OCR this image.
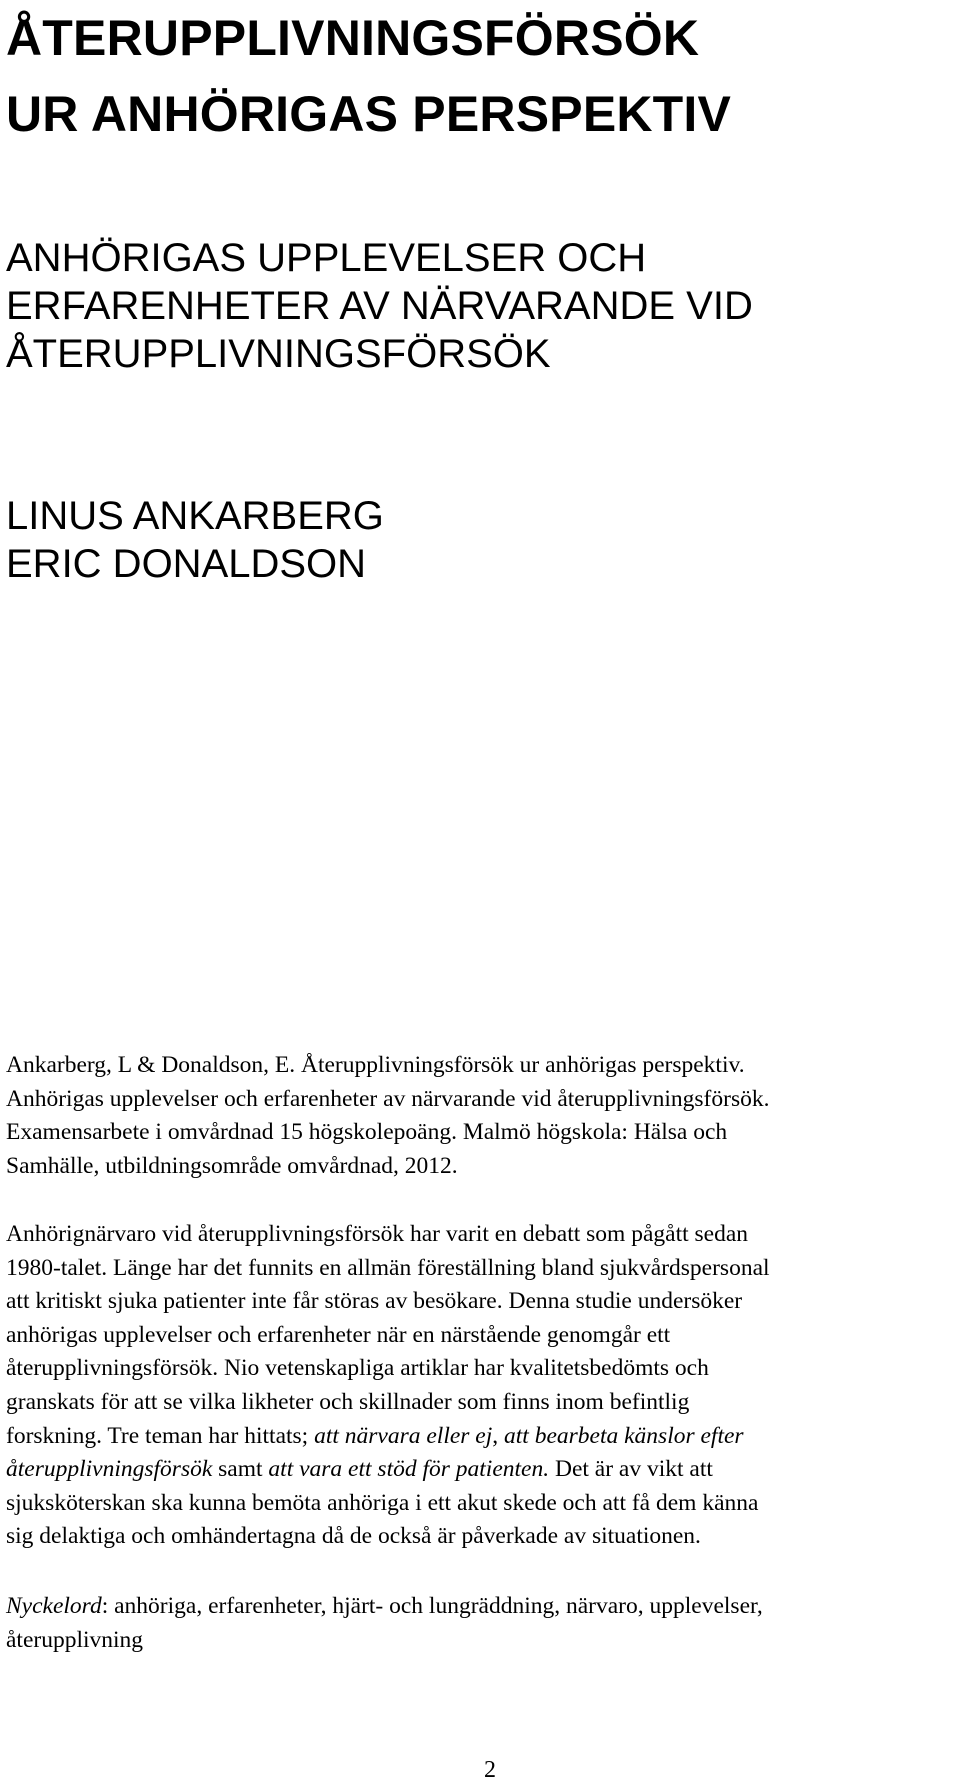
ÅTERUPPLIVNINGSFÖRSÖK
UR ANHÖRIGAS PERSPEKTIV
ANHÖRIGAS UPPLEVELSER OCH
ERFARENHETER AV NÄRVARANDE VID
ÅTERUPPLIVNINGSFÖRSÖK
LINUS ANKARBERG
ERIC DONALDSON
Ankarberg, L & Donaldson, E. Återupplivningsförsök ur anhörigas perspektiv.
Anhörigas upplevelser och erfarenheter av närvarande vid återupplivningsförsök.
Examensarbete i omvårdnad 15 högskolepoäng. Malmö högskola: Hälsa och
Samhälle, utbildningsområde omvårdnad, 2012.
Anhörignärvaro vid återupplivningsförsök har varit en debatt som pågått sedan
1980-talet. Länge har det funnits en allmän föreställning bland sjukvårdspersonal
att kritiskt sjuka patienter inte får störas av besökare. Denna studie undersöker
anhörigas upplevelser och erfarenheter när en närstående genomgår ett
återupplivningsförsök. Nio vetenskapliga artiklar har kvalitetsbedömts och
granskats för att se vilka likheter och skillnader som finns inom befintlig
forskning. Tre teman har hittats; att närvara eller ej, att bearbeta känslor efter
återupplivningsförsök samt att vara ett stöd för patienten. Det är av vikt att
sjuksköterskan ska kunna bemöta anhöriga i ett akut skede och att få dem känna
sig delaktiga och omhändertagna då de också är påverkade av situationen.
Nyckelord: anhöriga, erfarenheter, hjärt- och lungräddning, närvaro, upplevelser,
återupplivning
2
